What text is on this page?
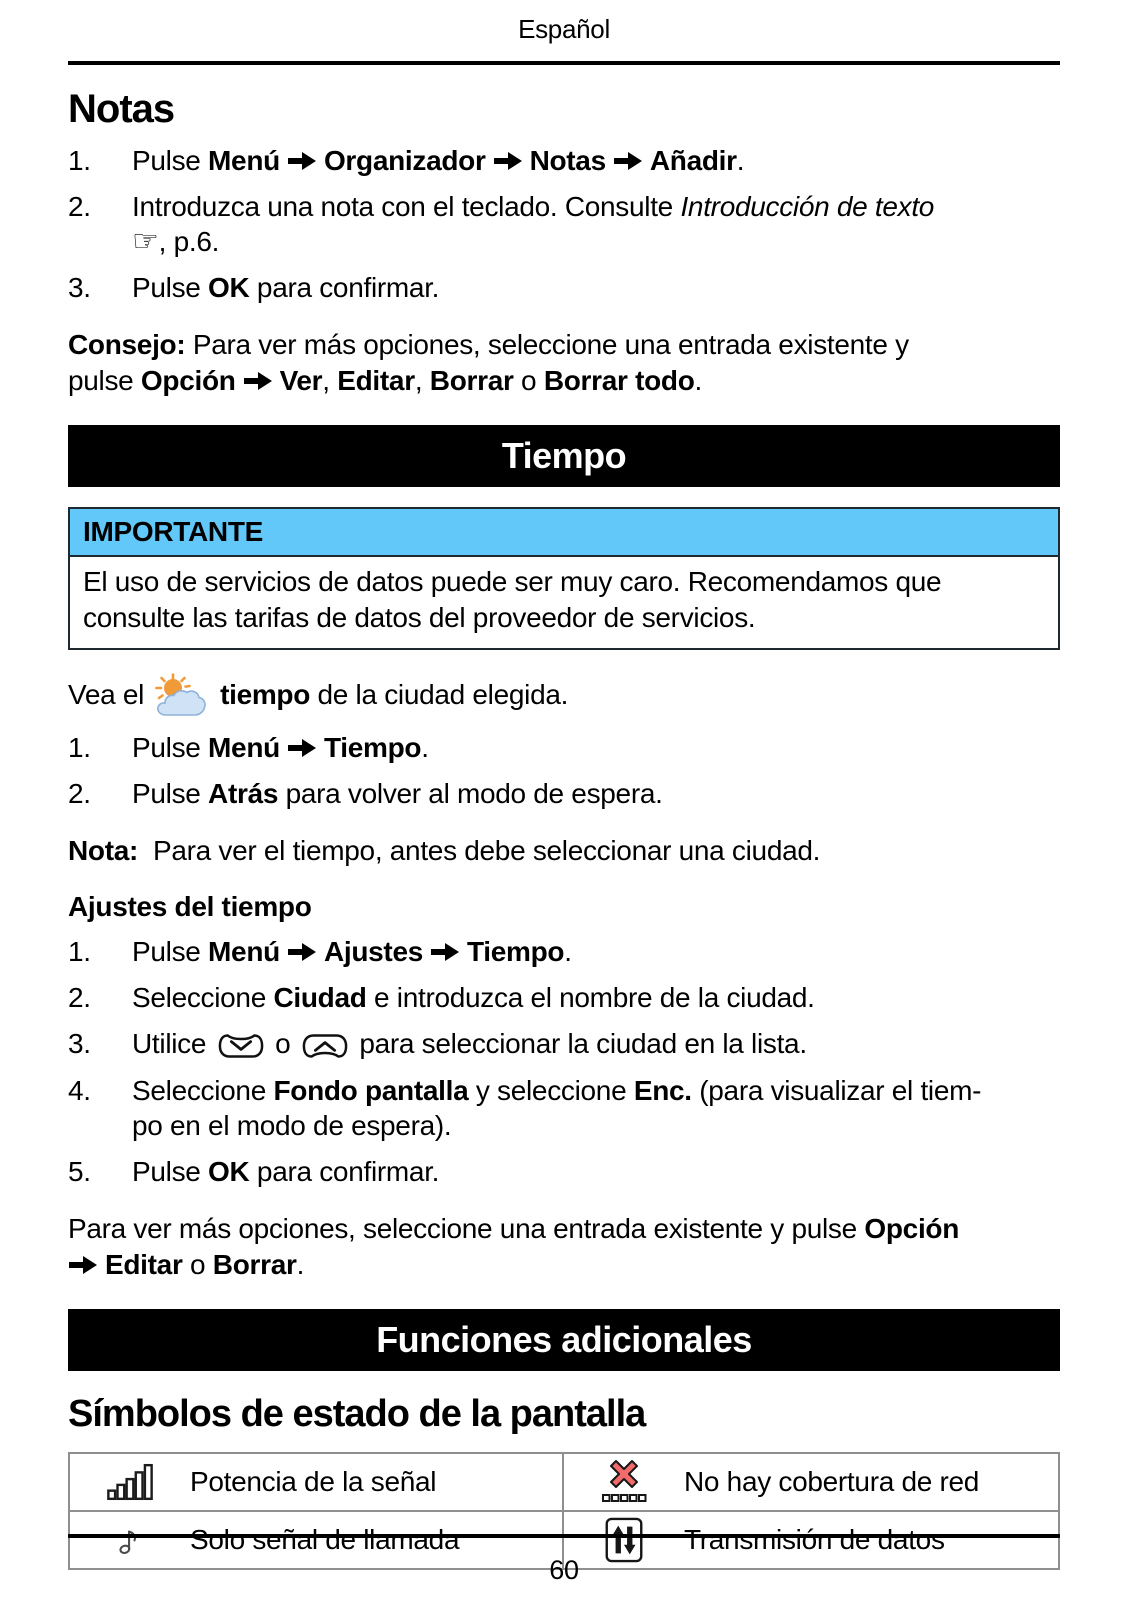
Español
Notas
1.	Pulse Menú Organizador Notas Añadir.
2.	Introduzca una nota con el teclado. Consulte Introducción de texto
☞, p.6.
3.	Pulse OK para confirmar.
Consejo: Para ver más opciones, seleccione una entrada existente y
pulse Opción Ver, Editar, Borrar o Borrar todo.
Tiempo
IMPORTANTE
El uso de servicios de datos puede ser muy caro. Recomendamos que
consulte las tarifas de datos del proveedor de servicios.
Vea el	tiempo de la ciudad elegida.
1.	Pulse Menú Tiempo.
2.	Pulse Atrás para volver al modo de espera.
Nota:  Para ver el tiempo, antes debe seleccionar una ciudad.
Ajustes del tiempo
1.	Pulse Menú Ajustes Tiempo.
2.	Seleccione Ciudad e introduzca el nombre de la ciudad.
3.	Utilice  o  para seleccionar la ciudad en la lista.
4.	Seleccione Fondo pantalla y seleccione Enc. (para visualizar el tiem-
po en el modo de espera).
5.	Pulse OK para confirmar.
Para ver más opciones, seleccione una entrada existente y pulse Opción
Editar o Borrar.
Funciones adicionales
Símbolos de estado de la pantalla
Potencia de la señal	No hay cobertura de red
Solo señal de llamada	Transmisión de datos
60
